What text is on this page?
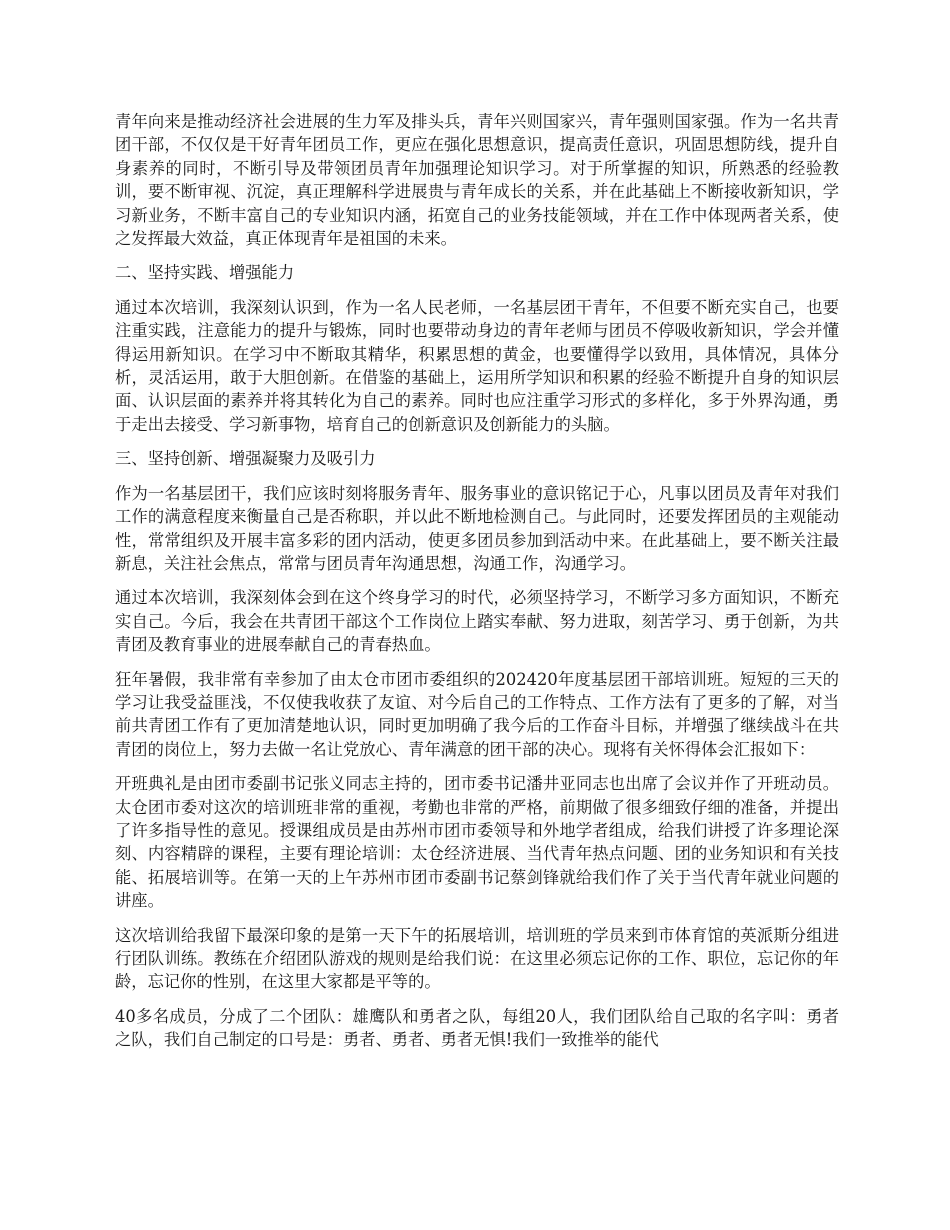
青年向来是推动经济社会进展的生力军及排头兵，青年兴则国家兴，青年强则国家强。作为一名共青团干部，不仅仅是干好青年团员工作，更应在强化思想意识，提高责任意识，巩固思想防线，提升自身素养的同时，不断引导及带领团员青年加强理论知识学习。对于所掌握的知识，所熟悉的经验教训，要不断审视、沉淀，真正理解科学进展贵与青年成长的关系，并在此基础上不断接收新知识，学习新业务，不断丰富自己的专业知识内涵，拓宽自己的业务技能领域，并在工作中体现两者关系，使之发挥最大效益，真正体现青年是祖国的未来。

二、坚持实践、增强能力

通过本次培训，我深刻认识到，作为一名人民老师，一名基层团干青年，不但要不断充实自己，也要注重实践，注意能力的提升与锻炼，同时也要带动身边的青年老师与团员不停吸收新知识，学会并懂得运用新知识。在学习中不断取其精华，积累思想的黄金，也要懂得学以致用，具体情况，具体分析，灵活运用，敢于大胆创新。在借鉴的基础上，运用所学知识和积累的经验不断提升自身的知识层面、认识层面的素养并将其转化为自己的素养。同时也应注重学习形式的多样化，多于外界沟通，勇于走出去接受、学习新事物，培育自己的创新意识及创新能力的头脑。

三、坚持创新、增强凝聚力及吸引力

作为一名基层团干，我们应该时刻将服务青年、服务事业的意识铭记于心，凡事以团员及青年对我们工作的满意程度来衡量自己是否称职，并以此不断地检测自己。与此同时，还要发挥团员的主观能动性，常常组织及开展丰富多彩的团内活动，使更多团员参加到活动中来。在此基础上，要不断关注最新息，关注社会焦点，常常与团员青年沟通思想，沟通工作，沟通学习。

通过本次培训，我深刻体会到在这个终身学习的时代，必须坚持学习，不断学习多方面知识，不断充实自己。今后，我会在共青团干部这个工作岗位上踏实奉献、努力进取，刻苦学习、勇于创新，为共青团及教育事业的进展奉献自己的青春热血。

狂年暑假，我非常有幸参加了由太仓市团市委组织的202420年度基层团干部培训班。短短的三天的学习让我受益匪浅，不仅使我收获了友谊、对今后自己的工作特点、工作方法有了更多的了解，对当前共青团工作有了更加清楚地认识，同时更加明确了我今后的工作奋斗目标，并增强了继续战斗在共青团的岗位上，努力去做一名让党放心、青年满意的团干部的决心。现将有关怀得体会汇报如下：

开班典礼是由团市委副书记张义同志主持的，团市委书记潘井亚同志也出席了会议并作了开班动员。太仓团市委对这次的培训班非常的重视，考勤也非常的严格，前期做了很多细致仔细的准备，并提出了许多指导性的意见。授课组成员是由苏州市团市委领导和外地学者组成，给我们讲授了许多理论深刻、内容精辟的课程，主要有理论培训：太仓经济进展、当代青年热点问题、团的业务知识和有关技能、拓展培训等。在第一天的上午苏州市团市委副书记蔡剑锋就给我们作了关于当代青年就业问题的讲座。

这次培训给我留下最深印象的是第一天下午的拓展培训，培训班的学员来到市体育馆的英派斯分组进行团队训练。教练在介绍团队游戏的规则是给我们说：在这里必须忘记你的工作、职位，忘记你的年龄，忘记你的性别，在这里大家都是平等的。

40多名成员，分成了二个团队：雄鹰队和勇者之队，每组20人，我们团队给自己取的名字叫：勇者之队，我们自己制定的口号是：勇者、勇者、勇者无惧!我们一致推举的能代
